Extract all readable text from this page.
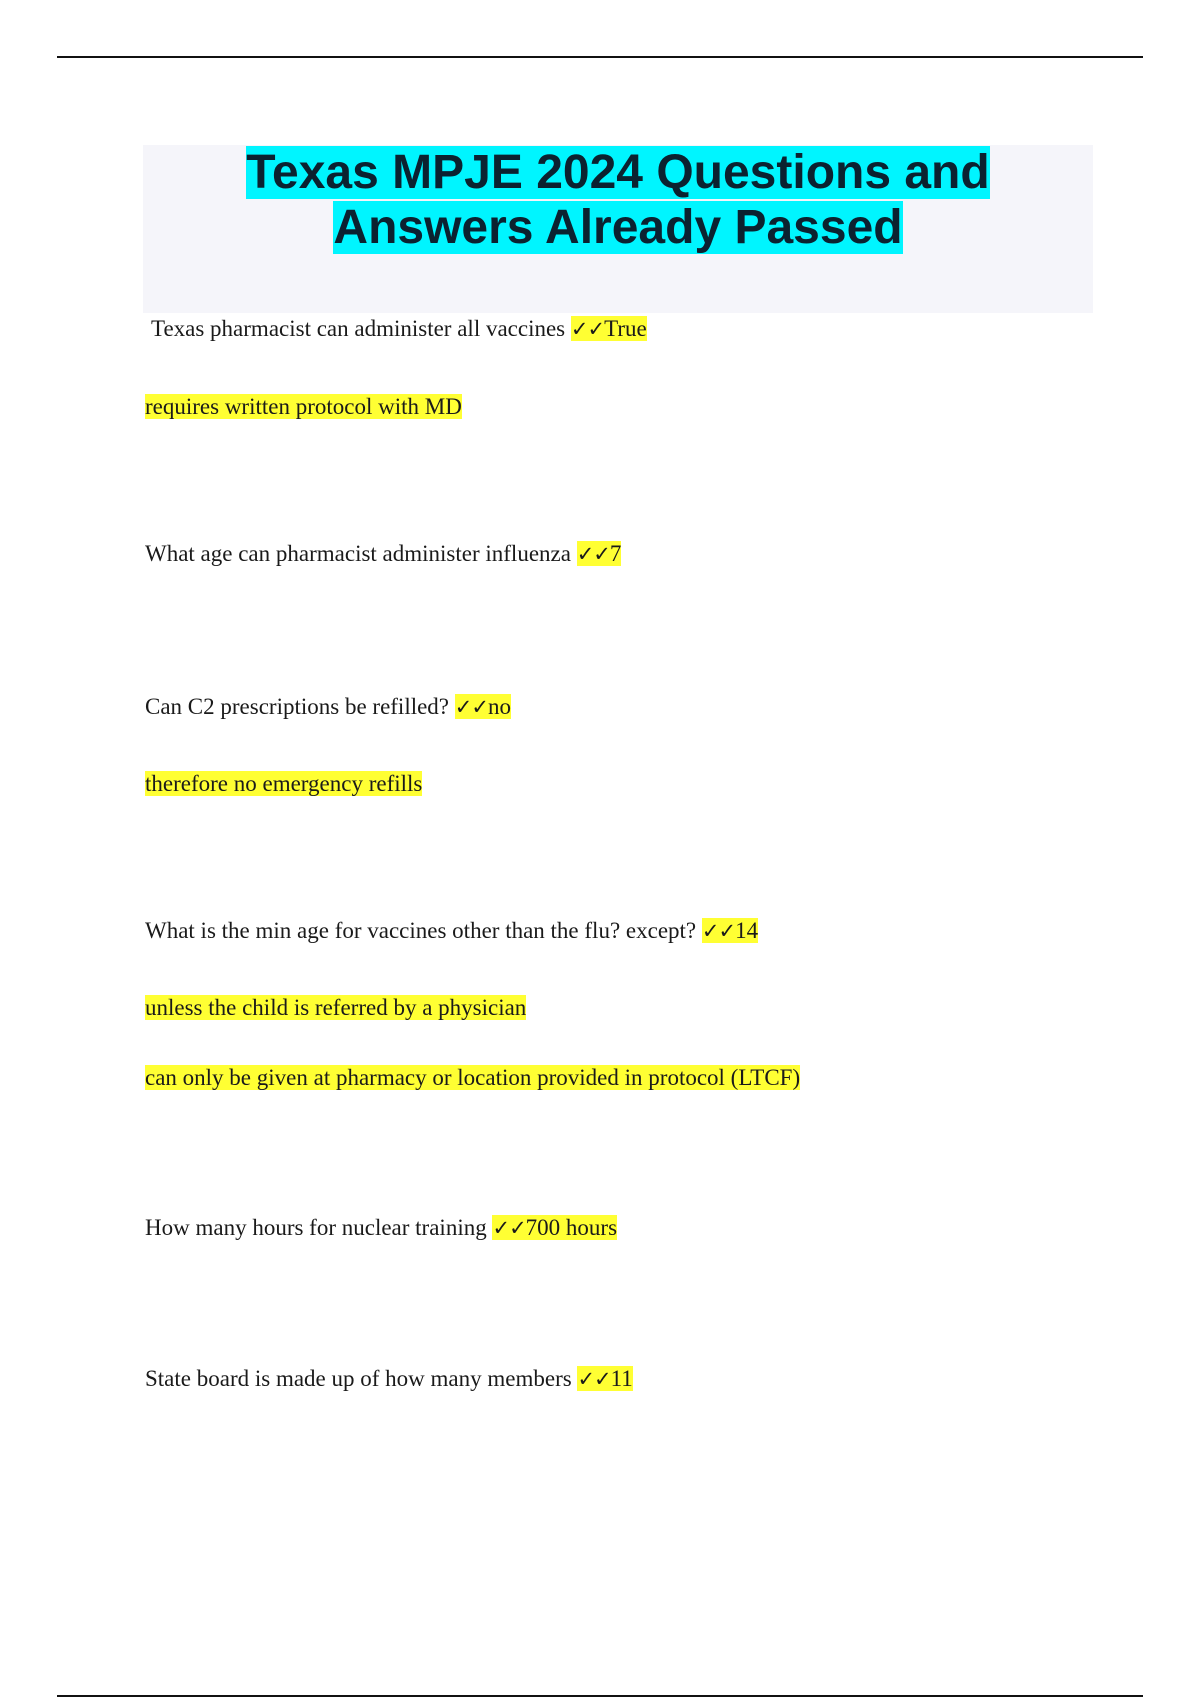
Texas MPJE 2024 Questions and
Answers Already Passed
Texas pharmacist can administer all vaccines ✓✓True
requires written protocol with MD
What age can pharmacist administer influenza ✓✓7
Can C2 prescriptions be refilled? ✓✓no
therefore no emergency refills
What is the min age for vaccines other than the flu? except? ✓✓14
unless the child is referred by a physician
can only be given at pharmacy or location provided in protocol (LTCF)
How many hours for nuclear training ✓✓700 hours
State board is made up of how many members ✓✓11
